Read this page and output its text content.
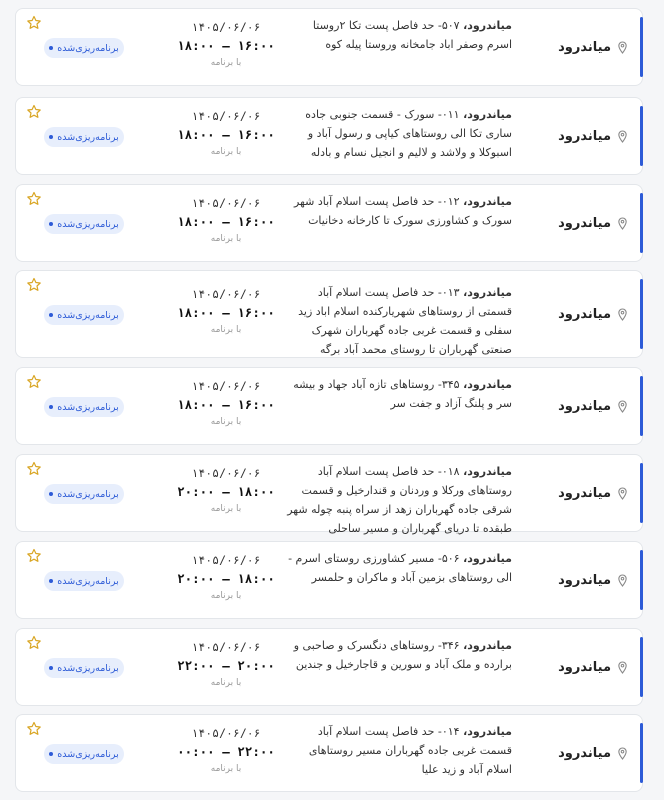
میاندرود
میاندرود، ۵۰۷- حد فاصل پست تکا ۲روستا اسرم وصفر اباد جامخانه وروستا پیله کوه
۱۴۰۵/۰۶/۰۶
۱۶:۰۰ — ۱۸:۰۰
با برنامه
برنامه‌ریزی‌شده
میاندرود
میاندرود، ۰۱۱- سورک - قسمت جنوبی جاده ساری تکا الی روستاهای کیاپی و رسول آباد و اسبوکلا و ولاشد و لالیم و انجیل نسام و بادله
۱۴۰۵/۰۶/۰۶
۱۶:۰۰ — ۱۸:۰۰
با برنامه
برنامه‌ریزی‌شده
میاندرود
میاندرود، ۰۱۲- حد فاصل پست اسلام آباد شهر سورک و کشاورزی سورک تا کارخانه دخانیات
۱۴۰۵/۰۶/۰۶
۱۶:۰۰ — ۱۸:۰۰
با برنامه
برنامه‌ریزی‌شده
میاندرود
میاندرود، ۰۱۳- حد فاصل پست اسلام آباد قسمتی از روستاهای شهریارکنده اسلام اباد زید سفلی و قسمت غربی جاده گهرباران شهرک صنعتی گهرباران تا روستای محمد آباد برگه
۱۴۰۵/۰۶/۰۶
۱۶:۰۰ — ۱۸:۰۰
با برنامه
برنامه‌ریزی‌شده
میاندرود
میاندرود، ۳۴۵- روستاهای تازه آباد جهاد و بیشه سر و پلنگ آزاد و جفت سر
۱۴۰۵/۰۶/۰۶
۱۶:۰۰ — ۱۸:۰۰
با برنامه
برنامه‌ریزی‌شده
میاندرود
میاندرود، ۰۱۸- حد فاصل پست اسلام آباد روستاهای ورکلا و وردنان و قندارخیل و قسمت شرقی جاده گهرباران زهد از سراه پنبه چوله شهر طبقده تا دریای گهرباران و مسیر ساحلی
۱۴۰۵/۰۶/۰۶
۱۸:۰۰ — ۲۰:۰۰
با برنامه
برنامه‌ریزی‌شده
میاندرود
میاندرود، ۵۰۶- مسیر کشاورزی روستای اسرم - الی روستاهای بزمین آباد و ماکران و حلمسر
۱۴۰۵/۰۶/۰۶
۱۸:۰۰ — ۲۰:۰۰
با برنامه
برنامه‌ریزی‌شده
میاندرود
میاندرود، ۳۴۶- روستاهای دنگسرک و صاحبی و برارده و ملک آباد و سورین و قاجارخیل و جندین
۱۴۰۵/۰۶/۰۶
۲۰:۰۰ — ۲۲:۰۰
با برنامه
برنامه‌ریزی‌شده
میاندرود
میاندرود، ۰۱۴- حد فاصل پست اسلام آباد قسمت غربی جاده گهرباران مسیر روستاهای اسلام آباد و زید علیا
۱۴۰۵/۰۶/۰۶
۲۲:۰۰ — ۰۰:۰۰
با برنامه
برنامه‌ریزی‌شده
